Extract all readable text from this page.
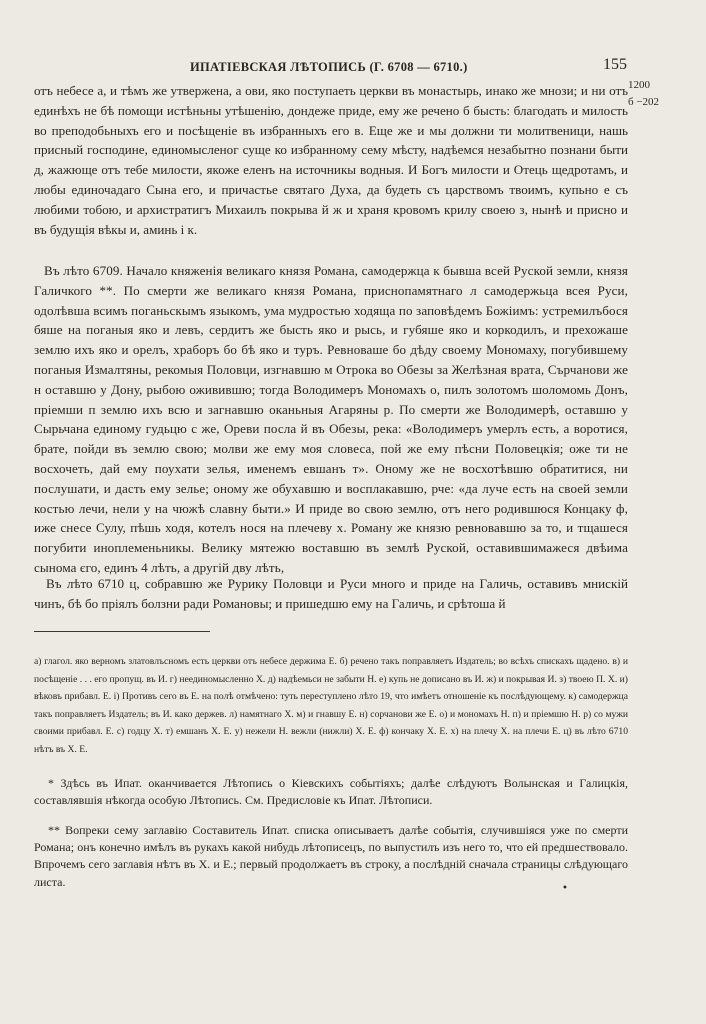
ИПАТІЕВСКАЯ ЛѢТОПИСЬ (Г. 6708 — 6710.)	155
1200
б −202
отъ небесе а, и тѣмъ же утвержена, а ови, яко поступаеть церкви въ монастырь, инако же мнози; и ни отъ единѣхъ не бѣ помощи истѣньны утѣшенію, дондеже приде, ему же речено б бысть: благодать и милость во преподобьныхъ его и посѣщеніе въ избранныхъ его в. Еще же и мы должни ти молитвеници, нашь присный господине, единомысленог суще ко избранному сему мѣсту, надѣемся незабытно познани быти д, жажюще отъ тебе милости, якоже еленъ на источникы водныя. И Богъ милости и Отець щедротамъ, и любы единочадаго Сына его, и причастье святаго Духа, да будеть съ царствомъ твоимъ, купьно е съ любими тобою, и архистратигъ Михаилъ покрыва й ж и храня кровомъ крилу своею з, нынѣ и присно и въ будущія вѣкы и, аминь і к.
Въ лѣто 6709. Начало княженія великаго князя Романа, самодержца к бывша всей Руской земли, князя Галичкого **. По смерти же великаго князя Романа, приснопамятнаго л самодержьца всея Руси, одолѣвша всимъ поганьскымъ языкомъ, ума мудростью ходяща по заповѣдемъ Божіимъ: устремилъбося бяше на поганыя яко и левъ, сердитъ же бысть яко и рысь, и губяше яко и коркодилъ, и прехожаше землю ихъ яко и орелъ, храборъ бо бѣ яко и туръ. Ревноваше бо дѣду своему Мономаху, погубившему поганыя Измалтяны, рекомыя Половци, изгнавшю м Отрока во Обезы за Желѣзная врата, Сърчанови же н оставшю у Дону, рыбою оживившю; тогда Володимеръ Мономахъ о, пилъ золотомъ шоломомь Донъ, пріемши п землю ихъ всю и загнавшю оканьныя Агаряны р. По смерти же Володимерѣ, оставшю у Сырьчана единому гудьцю с же, Ореви посла й въ Обезы, река: «Володимеръ умерлъ есть, а воротися, брате, пойди въ землю свою; молви же ему моя словеса, пой же ему пѣсни Половецкія; оже ти не восхочеть, дай ему поухати зелья, именемъ евшанъ т». Оному же не восхотѣвшю обратитися, ни послушати, и дасть ему зелье; оному же обухавшю и восплакавшю, рче: «да луче есть на своей земли костью лечи, нели у на чюжѣ славну быти.» И приде во свою землю, отъ него родившюся Концаку ф, иже снесе Сулу, пѣшь ходя, котелъ нося на плечеву х. Роману же князю ревновавшю за то, и тщашеся погубити иноплеменьникы. Велику мятежю воставшю въ землѣ Руской, оставившимажеся двѣима сынома єго, единъ 4 лѣть, а другій дву лѣть,
Въ лѣто 6710 ц, собравшю же Рурику Половци и Руси много и приде на Галичь, оставивъ мнискій чинъ, бѣ бо прiялъ болзни ради Романовы; и пришедшю ему на Галичь, и срѣтоша й
а) глагол. яко верномъ златовлъсномъ есть церкви отъ небесе держима Е. б) речено такъ поправляетъ Издатель; во всѣхъ спискахъ щадено. в) и посѣщеніе . . . его пропущ. въ И. г) неединомысленно Х. д) надѣемьси не забыти Н. е) купь не дописано въ И. ж) и покрывая И. з) твоею П. Х. и) вѣковъ прибавл. Е. і) Противъ сего въ Е. на полѣ отмѣчено: туть переступлено лѣто 19, что имѣетъ отношеніе къ послѣдующему. к) самодержца такъ поправляетъ Издатель; въ И. како держев. л) намятнаго Х. м) и гнавшу Е. н) сорчанови же Е. о) и мономахъ Н. п) и пріемшю Н. р) со мужи своими прибавл. Е. с) годцу Х. т) емшанъ Х. Е. у) нежели Н. вежли (нижли) Х. Е. ф) кончаку Х. Е. х) на плечу Х. на плечи Е. ц) въ лѣто 6710 нѣтъ въ Х. Е.
* Здѣсь въ Ипат. оканчивается Лѣтопись о Кіевскихъ событіяхъ; далѣе слѣдуютъ Волынская и Галицкія, составлявшія нѣкогда особую Лѣтопись. См. Предисловіе къ Ипат. Лѣтописи.
** Вопреки сему заглавію Составитель Ипат. списка описываетъ далѣе событія, случившіяся уже по смерти Романа; онъ конечно имѣлъ въ рукахъ какой нибудь лѣтописецъ, по выпустилъ изъ него то, что ей предшествовало. Впрочемъ сего заглавія нѣтъ въ Х. и Е.; первый продолжаетъ въ строку, а послѣдній сначала страницы слѣдующаго листа.	•
